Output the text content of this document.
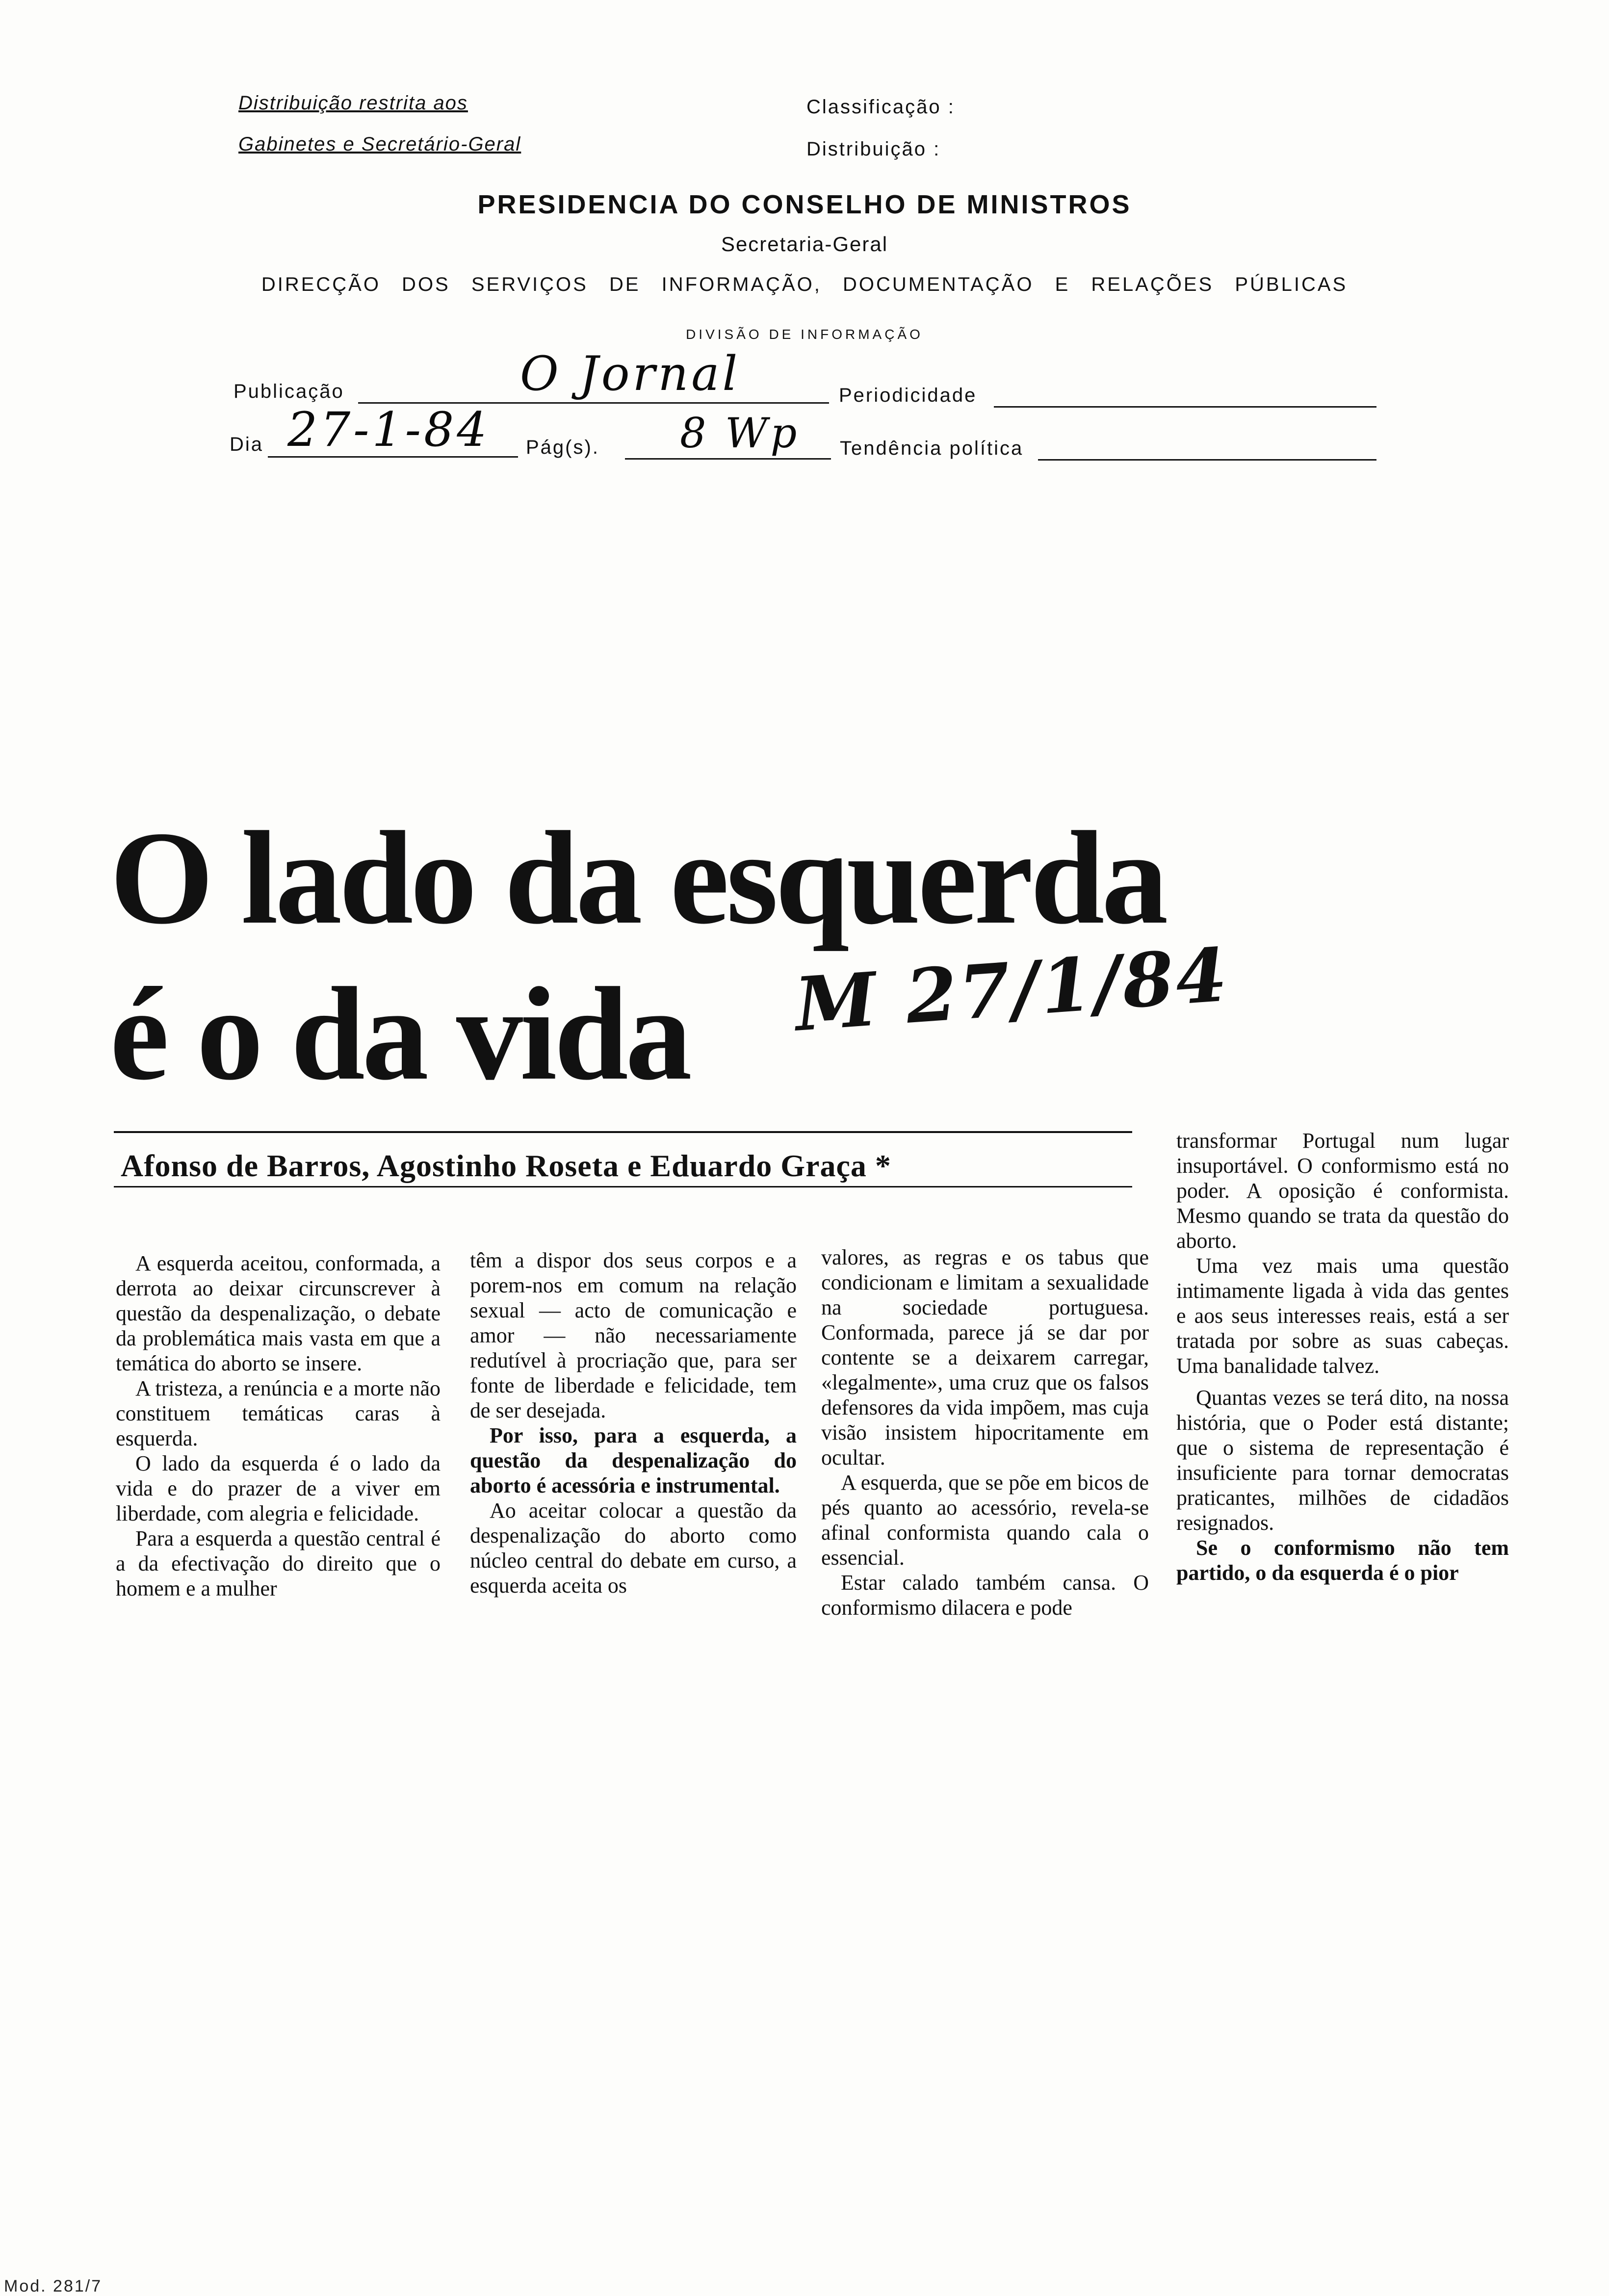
Distribuição restrita aos
Gabinetes e Secretário-Geral
Classificação :
Distribuição :
PRESIDENCIA DO CONSELHO DE MINISTROS
Secretaria-Geral
DIRECÇÃO DOS SERVIÇOS DE INFORMAÇÃO, DOCUMENTAÇÃO E RELAÇÕES PÚBLICAS
DIVISÃO DE INFORMAÇÃO
Publicação	O Jornal	Periodicidade
Dia 27-1-84 Pág(s). 8 Wp Tendência política
O lado da esquerda
é o da vida M 27/1/84
Afonso de Barros, Agostinho Roseta e Eduardo Graça *

A esquerda aceitou, conformada, a derrota ao deixar circunscrever à questão da despenalização, o debate da problemática mais vasta em que a temática do aborto se insere.

A tristeza, a renúncia e a morte não constituem temáticas caras à esquerda.

O lado da esquerda é o lado da vida e do prazer de a viver em liberdade, com alegria e felicidade.

Para a esquerda a questão central é a da efectivação do direito que o homem e a mulher

têm a dispor dos seus corpos e a porem-nos em comum na relação sexual — acto de comunicação e amor — não necessariamente redutível à procriação que, para ser fonte de liberdade e felicidade, tem de ser desejada.

Por isso, para a esquerda, a questão da despenalização do aborto é acessória e instrumental.

Ao aceitar colocar a questão da despenalização do aborto como núcleo central do debate em curso, a esquerda aceita os

valores, as regras e os tabus que condicionam e limitam a sexualidade na sociedade portuguesa. Conformada, parece já se dar por contente se a deixarem carregar, «legalmente», uma cruz que os falsos defensores da vida impõem, mas cuja visão insistem hipocritamente em ocultar.

A esquerda, que se põe em bicos de pés quanto ao acessório, revela-se afinal conformista quando cala o essencial.

Estar calado também cansa. O conformismo dilacera e pode

transformar Portugal num lugar insuportável. O conformismo está no poder. A oposição é conformista. Mesmo quando se trata da questão do aborto.

Uma vez mais uma questão intimamente ligada à vida das gentes e aos seus interesses reais, está a ser tratada por sobre as suas cabeças. Uma banalidade talvez.

Quantas vezes se terá dito, na nossa história, que o Poder está distante; que o sistema de representação é insuficiente para tornar democratas praticantes, milhões de cidadãos resignados.

Se o conformismo não tem partido, o da esquerda é o pior

Mod. 281/7
